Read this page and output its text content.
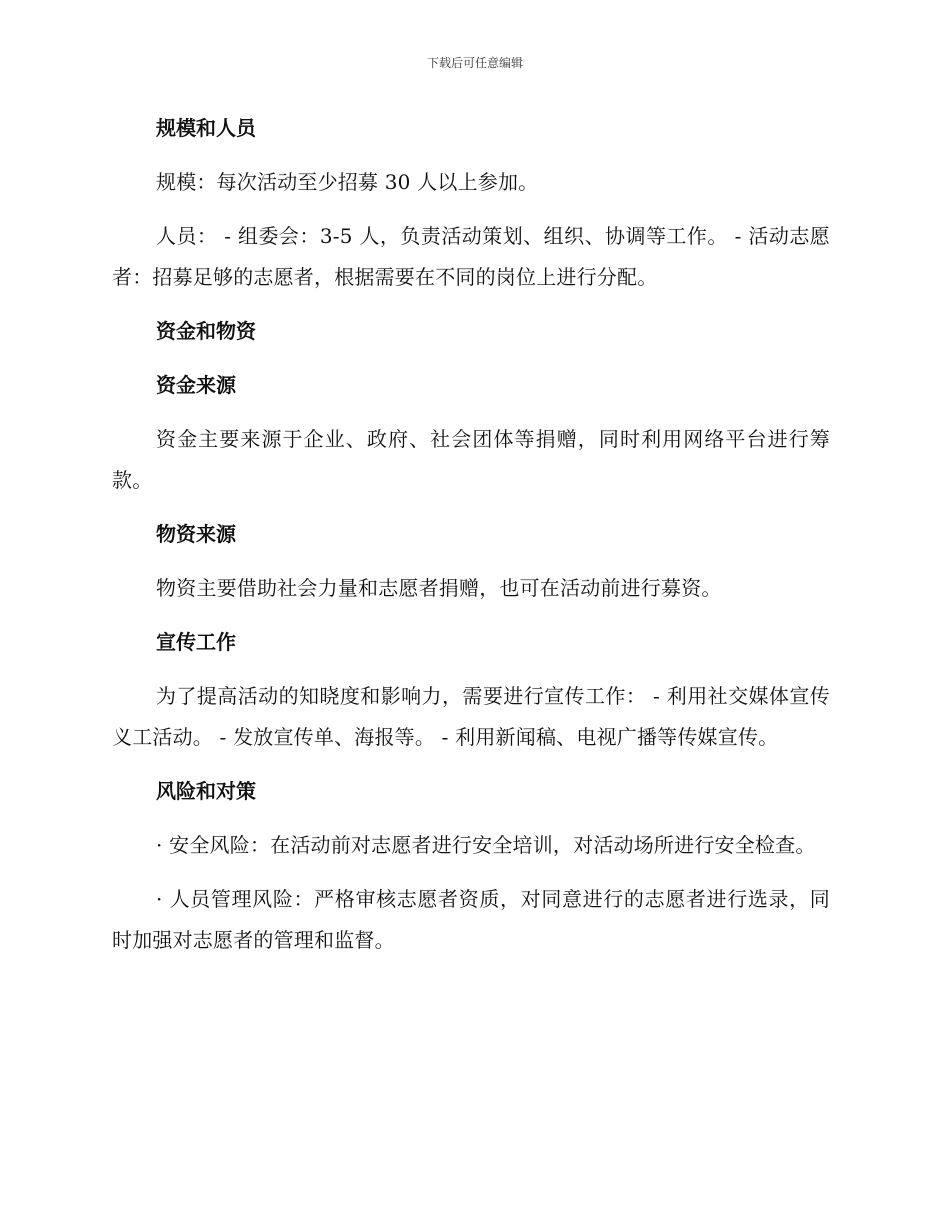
下载后可任意编辑
规模和人员
规模：每次活动至少招募 30 人以上参加。
人员： - 组委会：3-5 人，负责活动策划、组织、协调等工作。 - 活动志愿者：招募足够的志愿者，根据需要在不同的岗位上进行分配。
资金和物资
资金来源
资金主要来源于企业、政府、社会团体等捐赠，同时利用网络平台进行筹款。
物资来源
物资主要借助社会力量和志愿者捐赠，也可在活动前进行募资。
宣传工作
为了提高活动的知晓度和影响力，需要进行宣传工作： - 利用社交媒体宣传义工活动。 - 发放宣传单、海报等。 - 利用新闻稿、电视广播等传媒宣传。
风险和对策
· 安全风险：在活动前对志愿者进行安全培训，对活动场所进行安全检查。
· 人员管理风险：严格审核志愿者资质，对同意进行的志愿者进行选录，同时加强对志愿者的管理和监督。
